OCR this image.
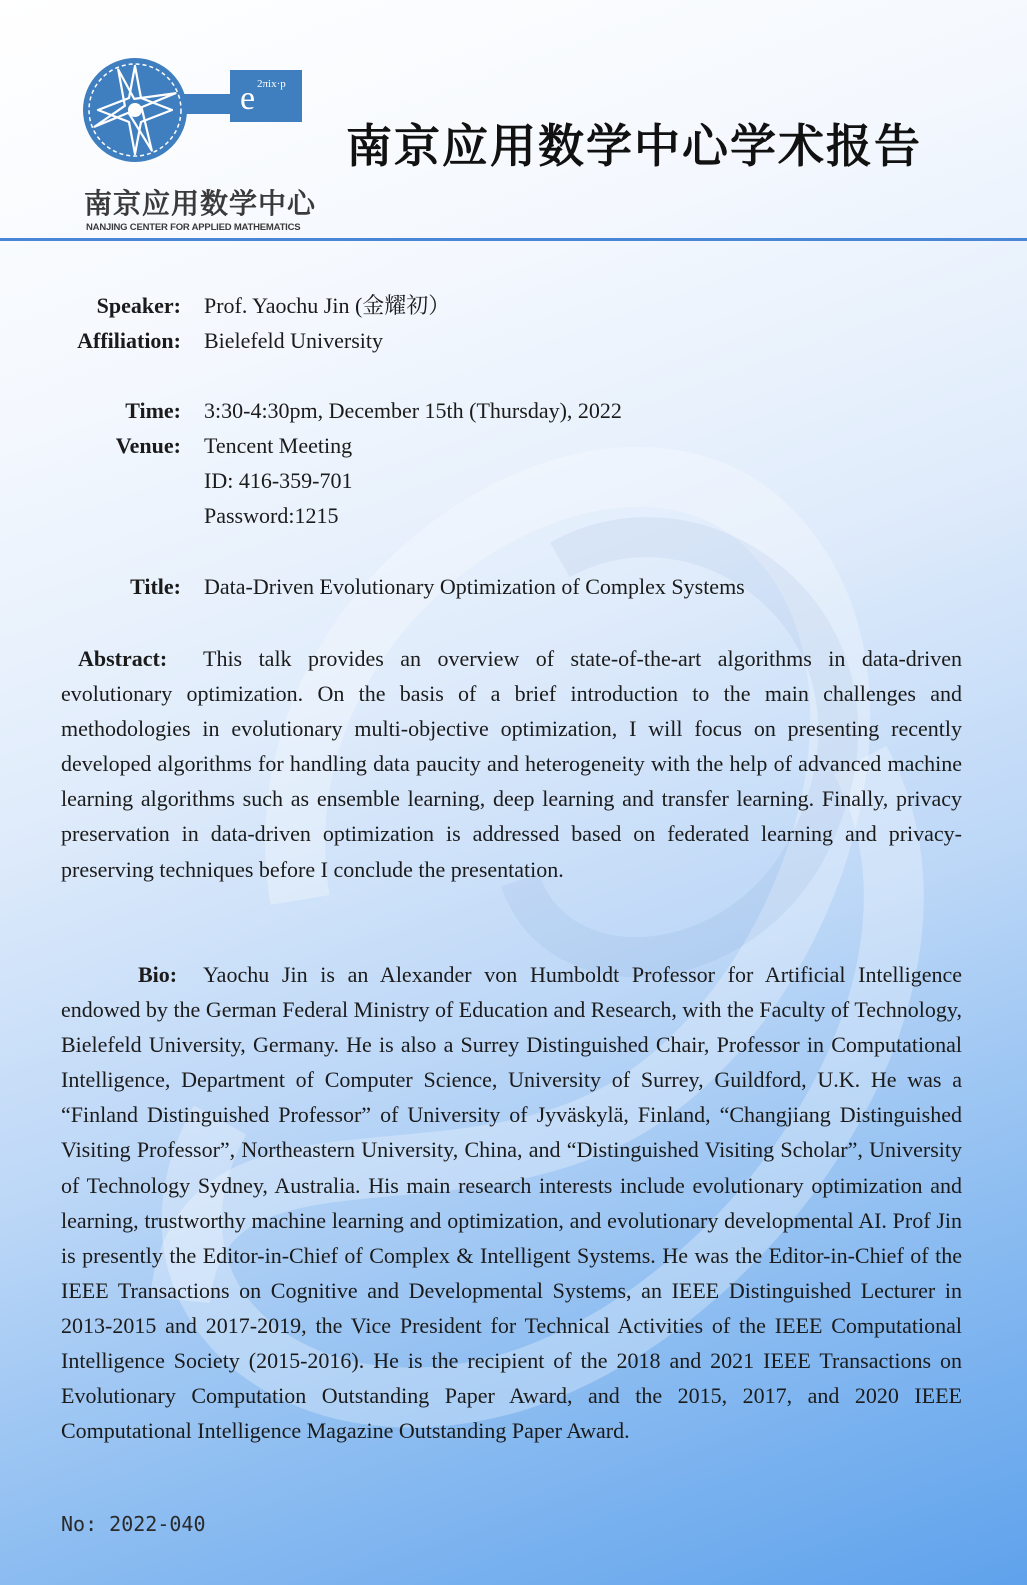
e 2πix·p
南京应用数学中心
NANJING CENTER FOR APPLIED MATHEMATICS
南京应用数学中心学术报告
Speaker: Prof. Yaochu Jin (金耀初）
Affiliation: Bielefeld University
Time: 3:30-4:30pm, December 15th (Thursday), 2022
Venue: Tencent Meeting
ID: 416-359-701
Password:1215
Title: Data-Driven Evolutionary Optimization of Complex Systems

Abstract: This talk provides an overview of state-of-the-art algorithms in data-driven evolutionary optimization. On the basis of a brief introduction to the main challenges and methodologies in evolutionary multi-objective optimization, I will focus on presenting recently developed algorithms for handling data paucity and heterogeneity with the help of advanced machine learning algorithms such as ensemble learning, deep learning and transfer learning. Finally, privacy preservation in data-driven optimization is addressed based on federated learning and privacy-preserving techniques before I conclude the presentation.

Bio: Yaochu Jin is an Alexander von Humboldt Professor for Artificial Intelligence endowed by the German Federal Ministry of Education and Research, with the Faculty of Technology, Bielefeld University, Germany. He is also a Surrey Distinguished Chair, Professor in Computational Intelligence, Department of Computer Science, University of Surrey, Guildford, U.K. He was a “Finland Distinguished Professor” of University of Jyväskylä, Finland, “Changjiang Distinguished Visiting Professor”, Northeastern University, China, and “Distinguished Visiting Scholar”, University of Technology Sydney, Australia. His main research interests include evolutionary optimization and learning, trustworthy machine learning and optimization, and evolutionary developmental AI. Prof Jin is presently the Editor-in-Chief of Complex & Intelligent Systems. He was the Editor-in-Chief of the IEEE Transactions on Cognitive and Developmental Systems, an IEEE Distinguished Lecturer in 2013-2015 and 2017-2019, the Vice President for Technical Activities of the IEEE Computational Intelligence Society (2015-2016). He is the recipient of the 2018 and 2021 IEEE Transactions on Evolutionary Computation Outstanding Paper Award, and the 2015, 2017, and 2020 IEEE Computational Intelligence Magazine Outstanding Paper Award.

No: 2022-040
